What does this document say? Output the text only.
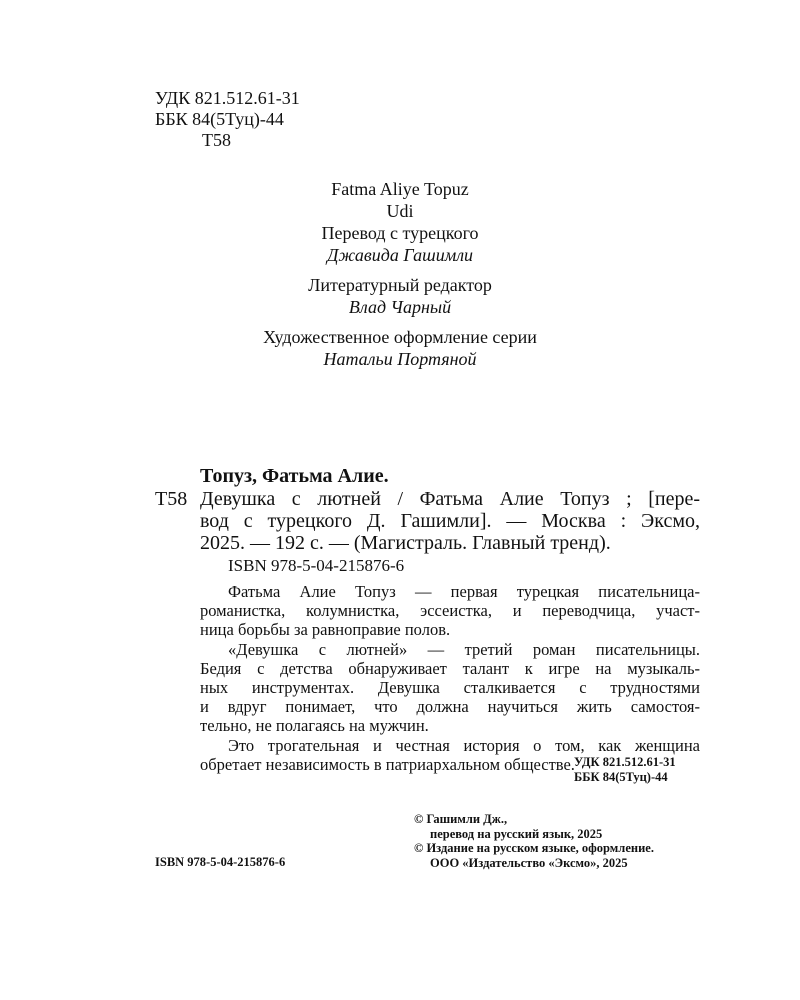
УДК 821.512.61-31
ББК 84(5Туц)-44
Т58
Fatma Aliye Topuz
Udi
Перевод с турецкого
Джавида Гашимли
Литературный редактор
Влад Чарный
Художественное оформление серии
Натальи Портяной
Топуз, Фатьма Алие.
Т58 Девушка с лютней / Фатьма Алие Топуз ; [пере-
вод с турецкого Д. Гашимли]. — Москва : Эксмо,
2025. — 192 с. — (Магистраль. Главный тренд).
ISBN 978-5-04-215876-6
Фатьма Алие Топуз — первая турецкая писательница-
романистка, колумнистка, эссеистка, и переводчица, участ-
ница борьбы за равноправие полов.
«Девушка с лютней» — третий роман писательницы.
Бедия с детства обнаруживает талант к игре на музыкаль-
ных инструментах. Девушка сталкивается с трудностями
и вдруг понимает, что должна научиться жить самостоя-
тельно, не полагаясь на мужчин.
Это трогательная и честная история о том, как женщина
обретает независимость в патриархальном обществе. УДК 821.512.61-31
ББК 84(5Туц)-44
© Гашимли Дж.,
перевод на русский язык, 2025
© Издание на русском языке, оформление.
ООО «Издательство «Эксмо», 2025
ISBN 978-5-04-215876-6
